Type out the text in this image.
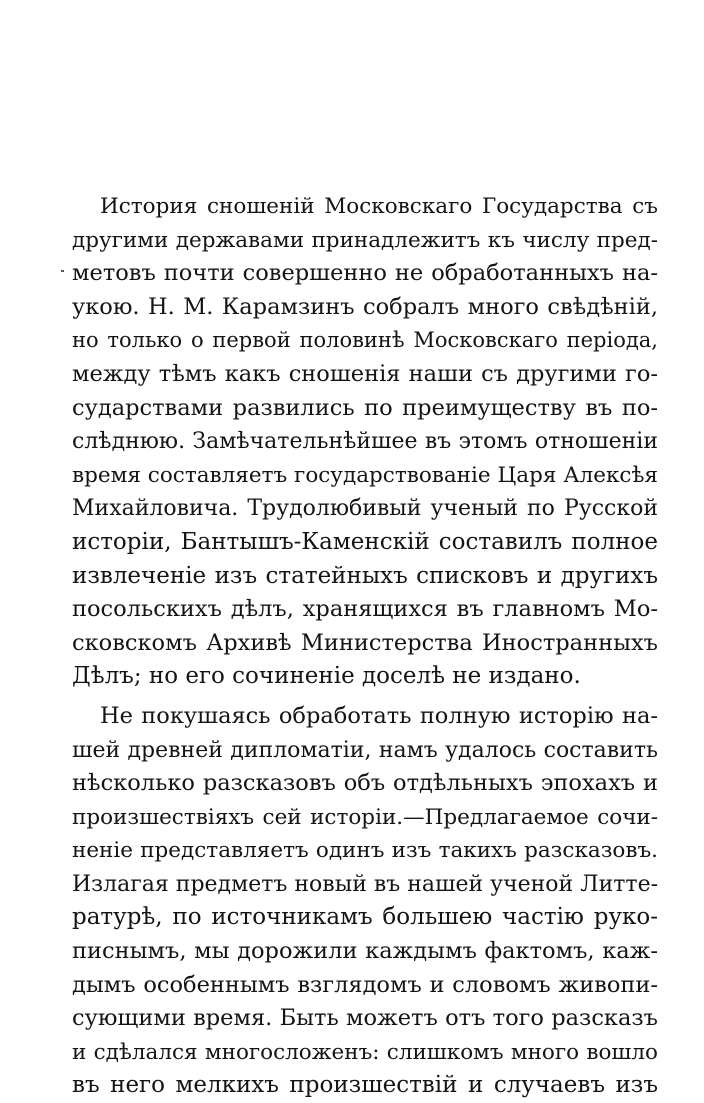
История сношеній Московскаго Государства съ
другими державами принадлежитъ къ числу пред-
метовъ почти совершенно не обработанныхъ на-
укою. Н. М. Карамзинъ собралъ много свѣдѣній,
но только о первой половинѣ Московскаго періода,
между тѣмъ какъ сношенія наши съ другими го-
сударствами развились по преимуществу въ по-
слѣднюю. Замѣчательнѣйшее въ этомъ отношеніи
время составляетъ государствованіе Царя Алексѣя
Михайловича. Трудолюбивый ученый по Русской
исторіи, Бантышъ-Каменскій составилъ полное
извлеченіе изъ статейныхъ списковъ и другихъ
посольскихъ дѣлъ, хранящихся въ главномъ Мо-
сковскомъ Архивѣ Министерства Иностранныхъ
Дѣлъ; но его сочиненіе доселѣ не издано.
Не покушаясь обработать полную исторію на-
шей древней дипломатіи, намъ удалось составить
нѣсколько разсказовъ объ отдѣльныхъ эпохахъ и
произшествіяхъ сей исторіи.—Предлагаемое сочи-
неніе представляетъ одинъ изъ такихъ разсказовъ.
Излагая предметъ новый въ нашей ученой Литте-
ратурѣ, по источникамъ большею частію руко-
писнымъ, мы дорожили каждымъ фактомъ, каж-
дымъ особеннымъ взглядомъ и словомъ живопи-
сующими время. Быть можетъ отъ того разсказъ
и сдѣлался многосложенъ: слишкомъ много вошло
въ него мелкихъ произшествій и случаевъ изъ
